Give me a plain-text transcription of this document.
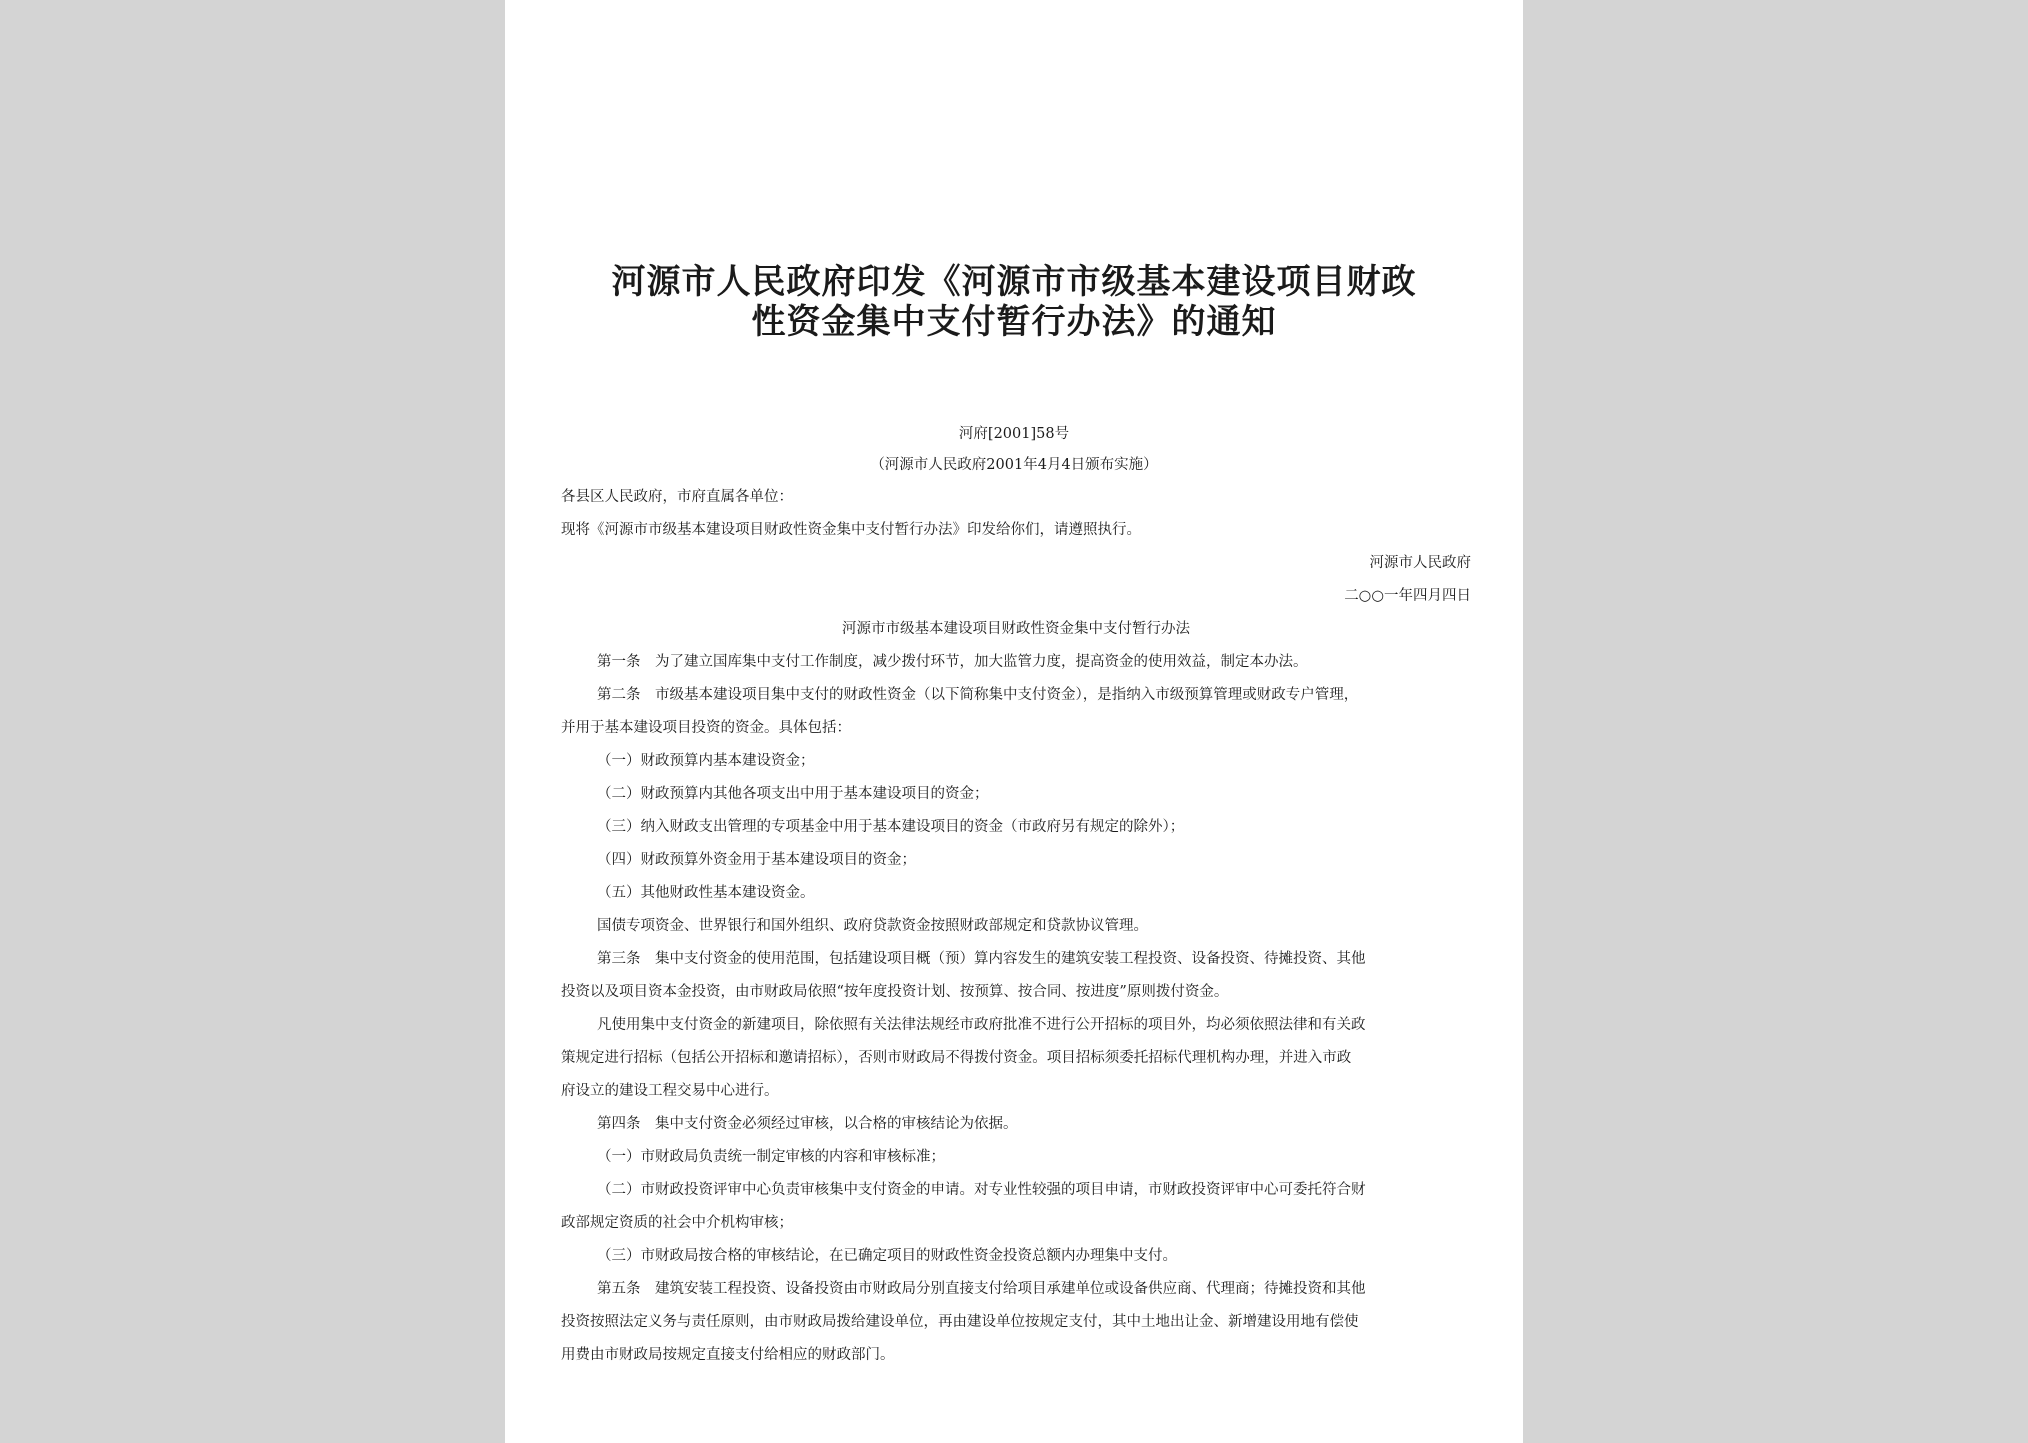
河源市人民政府印发《河源市市级基本建设项目财政
性资金集中支付暂行办法》的通知
河府[2001]58号
（河源市人民政府2001年4月4日颁布实施）
各县区人民政府，市府直属各单位：
现将《河源市市级基本建设项目财政性资金集中支付暂行办法》印发给你们，请遵照执行。
河源市人民政府
二○○一年四月四日
河源市市级基本建设项目财政性资金集中支付暂行办法
第一条　为了建立国库集中支付工作制度，减少拨付环节，加大监管力度，提高资金的使用效益，制定本办法。
第二条　市级基本建设项目集中支付的财政性资金（以下简称集中支付资金），是指纳入市级预算管理或财政专户管理，
并用于基本建设项目投资的资金。具体包括：
（一）财政预算内基本建设资金；
（二）财政预算内其他各项支出中用于基本建设项目的资金；
（三）纳入财政支出管理的专项基金中用于基本建设项目的资金（市政府另有规定的除外）；
（四）财政预算外资金用于基本建设项目的资金；
（五）其他财政性基本建设资金。
国债专项资金、世界银行和国外组织、政府贷款资金按照财政部规定和贷款协议管理。
第三条　集中支付资金的使用范围，包括建设项目概（预）算内容发生的建筑安装工程投资、设备投资、待摊投资、其他
投资以及项目资本金投资，由市财政局依照“按年度投资计划、按预算、按合同、按进度”原则拨付资金。
凡使用集中支付资金的新建项目，除依照有关法律法规经市政府批准不进行公开招标的项目外，均必须依照法律和有关政
策规定进行招标（包括公开招标和邀请招标），否则市财政局不得拨付资金。项目招标须委托招标代理机构办理，并进入市政
府设立的建设工程交易中心进行。
第四条　集中支付资金必须经过审核，以合格的审核结论为依据。
（一）市财政局负责统一制定审核的内容和审核标准；
（二）市财政投资评审中心负责审核集中支付资金的申请。对专业性较强的项目申请，市财政投资评审中心可委托符合财
政部规定资质的社会中介机构审核；
（三）市财政局按合格的审核结论，在已确定项目的财政性资金投资总额内办理集中支付。
第五条　建筑安装工程投资、设备投资由市财政局分别直接支付给项目承建单位或设备供应商、代理商；待摊投资和其他
投资按照法定义务与责任原则，由市财政局拨给建设单位，再由建设单位按规定支付，其中土地出让金、新增建设用地有偿使
用费由市财政局按规定直接支付给相应的财政部门。
